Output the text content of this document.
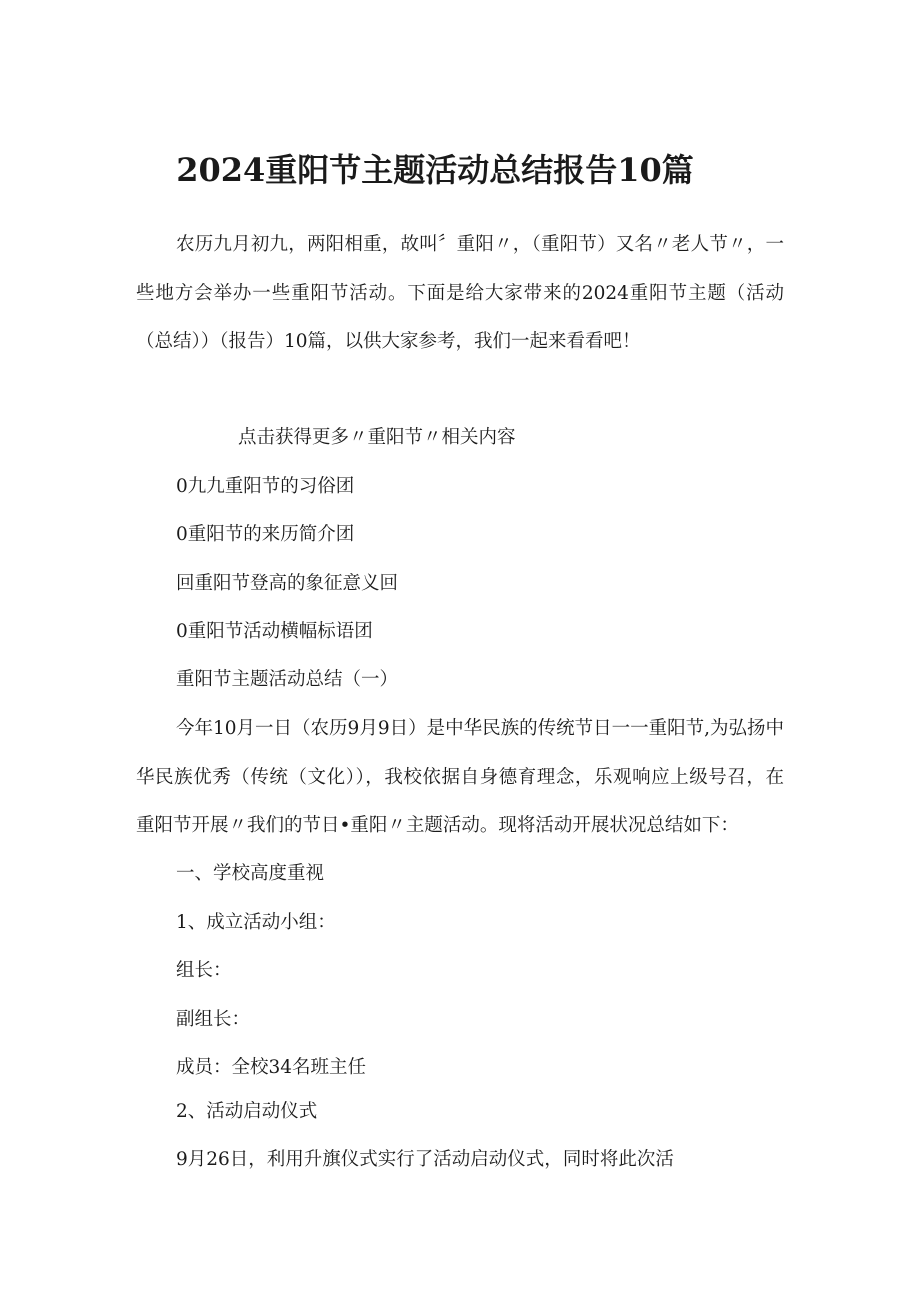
2024重阳节主题活动总结报告10篇
农历九月初九，两阳相重，故叫〞重阳〃，（重阳节）又名〃老人节〃，一
些地方会举办一些重阳节活动。下面是给大家带来的2024重阳节主题（活动
（总结））（报告）10篇，以供大家参考，我们一起来看看吧！
点击获得更多〃重阳节〃相关内容
0九九重阳节的习俗团
0重阳节的来历简介团
回重阳节登高的象征意义回
0重阳节活动横幅标语团
重阳节主题活动总结（一）
今年10月一日（农历9月9日）是中华民族的传统节日一一重阳节,为弘扬中
华民族优秀（传统（文化）），我校依据自身德育理念，乐观响应上级号召，在
重阳节开展〃我们的节日•重阳〃主题活动。现将活动开展状况总结如下：
一、学校高度重视
1、成立活动小组：
组长：
副组长：
成员：全校34名班主任
2、活动启动仪式
9月26日，利用升旗仪式实行了活动启动仪式，同时将此次活
